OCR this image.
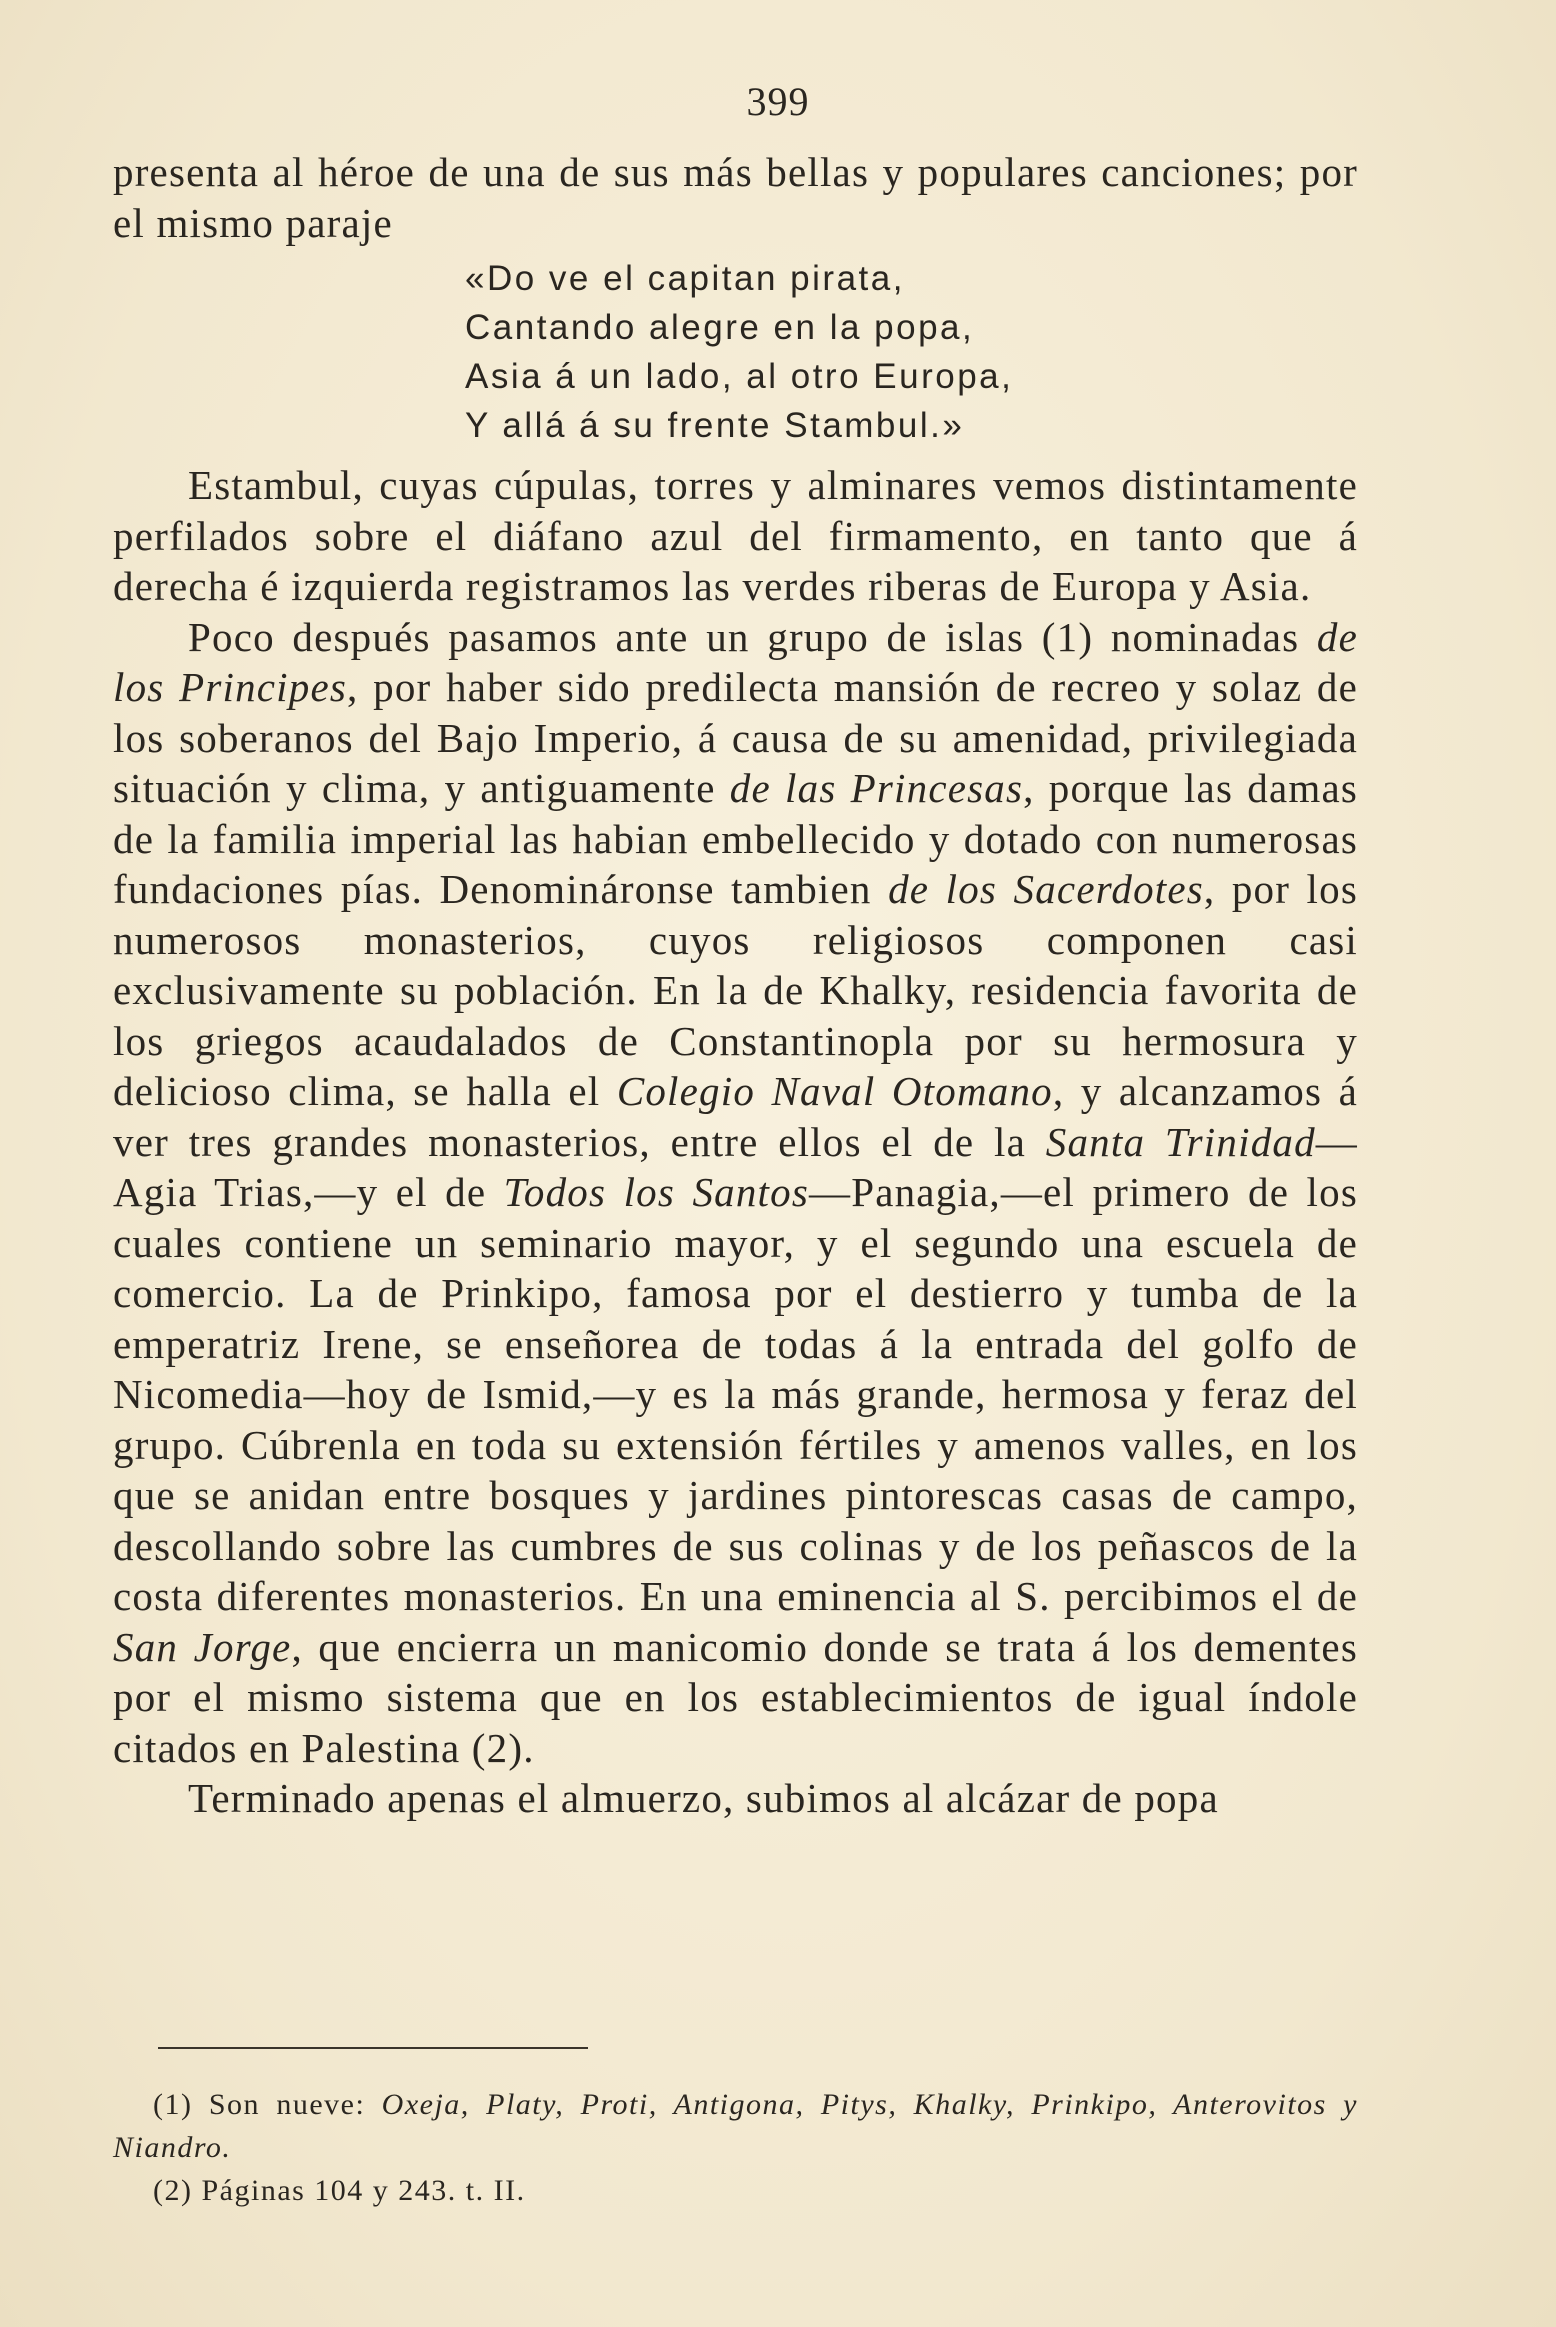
399

presenta al héroe de una de sus más bellas y populares canciones; por el mismo paraje

«Do ve el capitan pirata,
Cantando alegre en la popa,
Asia á un lado, al otro Europa,
Y allá á su frente Stambul.»

Estambul, cuyas cúpulas, torres y alminares vemos distintamente perfilados sobre el diáfano azul del firmamento, en tanto que á derecha é izquierda registramos las verdes riberas de Europa y Asia.

Poco después pasamos ante un grupo de islas (1) nominadas de los Principes, por haber sido predilecta mansión de recreo y solaz de los soberanos del Bajo Imperio, á causa de su amenidad, privilegiada situación y clima, y antiguamente de las Princesas, porque las damas de la familia imperial las habian embellecido y dotado con numerosas fundaciones pías. Denomináronse tambien de los Sacerdotes, por los numerosos monasterios, cuyos religiosos componen casi exclusivamente su población. En la de Khalky, residencia favorita de los griegos acaudalados de Constantinopla por su hermosura y delicioso clima, se halla el Colegio Naval Otomano, y alcanzamos á ver tres grandes monasterios, entre ellos el de la Santa Trinidad—Agia Trias,—y el de Todos los Santos—Panagia,—el primero de los cuales contiene un seminario mayor, y el segundo una escuela de comercio. La de Prinkipo, famosa por el destierro y tumba de la emperatriz Irene, se enseñorea de todas á la entrada del golfo de Nicomedia—hoy de Ismid,—y es la más grande, hermosa y feraz del grupo. Cúbrenla en toda su extensión fértiles y amenos valles, en los que se anidan entre bosques y jardines pintorescas casas de campo, descollando sobre las cumbres de sus colinas y de los peñascos de la costa diferentes monasterios. En una eminencia al S. percibimos el de San Jorge, que encierra un manicomio donde se trata á los dementes por el mismo sistema que en los establecimientos de igual índole citados en Palestina (2).

Terminado apenas el almuerzo, subimos al alcázar de popa

(1) Son nueve: Oxeja, Platy, Proti, Antigona, Pitys, Khalky, Prinkipo, Anterovitos y Niandro.

(2) Páginas 104 y 243. t. II.
